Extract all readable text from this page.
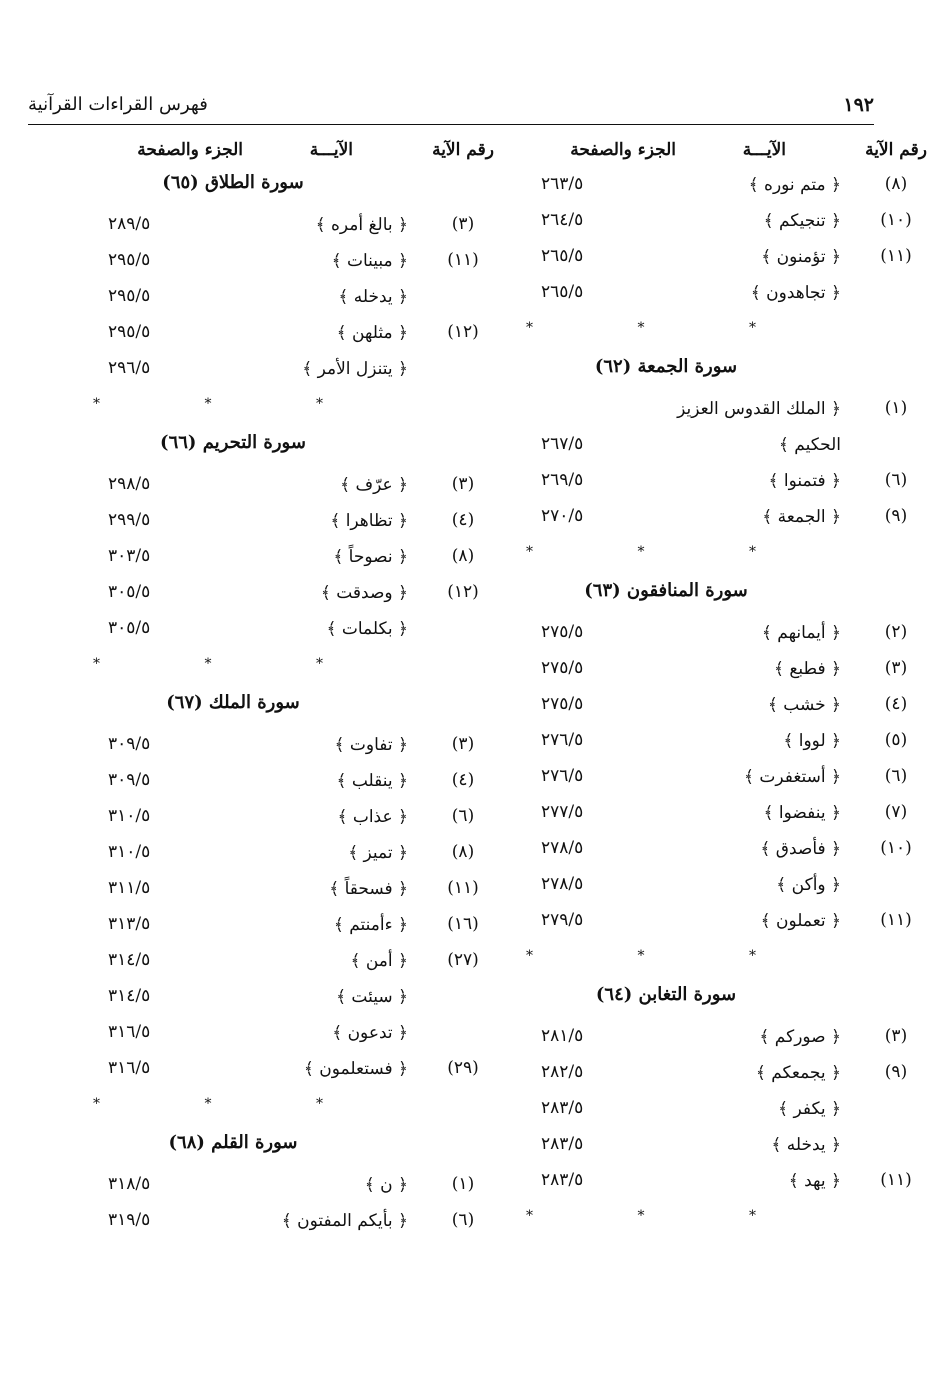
١٩٢
فهرس القراءات القرآنية
رقم الآية
الآيـــة
الجزء والصفحة
(٨)
﴿ متم نوره ﴾
٢٦٣/٥
(١٠)
﴿ تنجيكم ﴾
٢٦٤/٥
(١١)
﴿ تؤمنون ﴾
٢٦٥/٥
﴿ تجاهدون ﴾
٢٦٥/٥
* * *
سورة الجمعة (٦٢)
(١)
﴿ الملك القدوس العزيز
الحكيم ﴾
٢٦٧/٥
(٦)
﴿ فتمنوا ﴾
٢٦٩/٥
(٩)
﴿ الجمعة ﴾
٢٧٠/٥
* * *
سورة المنافقون (٦٣)
(٢)
﴿ أيمانهم ﴾
٢٧٥/٥
(٣)
﴿ فطبع ﴾
٢٧٥/٥
(٤)
﴿ خشب ﴾
٢٧٥/٥
(٥)
﴿ لووا ﴾
٢٧٦/٥
(٦)
﴿ أستغفرت ﴾
٢٧٦/٥
(٧)
﴿ ينفضوا ﴾
٢٧٧/٥
(١٠)
﴿ فأصدق ﴾
٢٧٨/٥
﴿ وأكن ﴾
٢٧٨/٥
(١١)
﴿ تعملون ﴾
٢٧٩/٥
* * *
سورة التغابن (٦٤)
(٣)
﴿ صوركم ﴾
٢٨١/٥
(٩)
﴿ يجمعكم ﴾
٢٨٢/٥
﴿ يكفر ﴾
٢٨٣/٥
﴿ يدخله ﴾
٢٨٣/٥
(١١)
﴿ يهد ﴾
٢٨٣/٥
* * *
رقم الآية
الآيـــة
الجزء والصفحة
سورة الطلاق (٦٥)
(٣)
﴿ بالغ أمره ﴾
٢٨٩/٥
(١١)
﴿ مبينات ﴾
٢٩٥/٥
﴿ يدخله ﴾
٢٩٥/٥
(١٢)
﴿ مثلهن ﴾
٢٩٥/٥
﴿ يتنزل الأمر ﴾
٢٩٦/٥
* * *
سورة التحريم (٦٦)
(٣)
﴿ عرّف ﴾
٢٩٨/٥
(٤)
﴿ تظاهرا ﴾
٢٩٩/٥
(٨)
﴿ نصوحاً ﴾
٣٠٣/٥
(١٢)
﴿ وصدقت ﴾
٣٠٥/٥
﴿ بكلمات ﴾
٣٠٥/٥
* * *
سورة الملك (٦٧)
(٣)
﴿ تفاوت ﴾
٣٠٩/٥
(٤)
﴿ ينقلب ﴾
٣٠٩/٥
(٦)
﴿ عذاب ﴾
٣١٠/٥
(٨)
﴿ تميز ﴾
٣١٠/٥
(١١)
﴿ فسحقاً ﴾
٣١١/٥
(١٦)
﴿ ءأمنتم ﴾
٣١٣/٥
(٢٧)
﴿ أمن ﴾
٣١٤/٥
﴿ سيئت ﴾
٣١٤/٥
﴿ تدعون ﴾
٣١٦/٥
(٢٩)
﴿ فستعلمون ﴾
٣١٦/٥
* * *
سورة القلم (٦٨)
(١)
﴿ ن ﴾
٣١٨/٥
(٦)
﴿ بأيكم المفتون ﴾
٣١٩/٥
